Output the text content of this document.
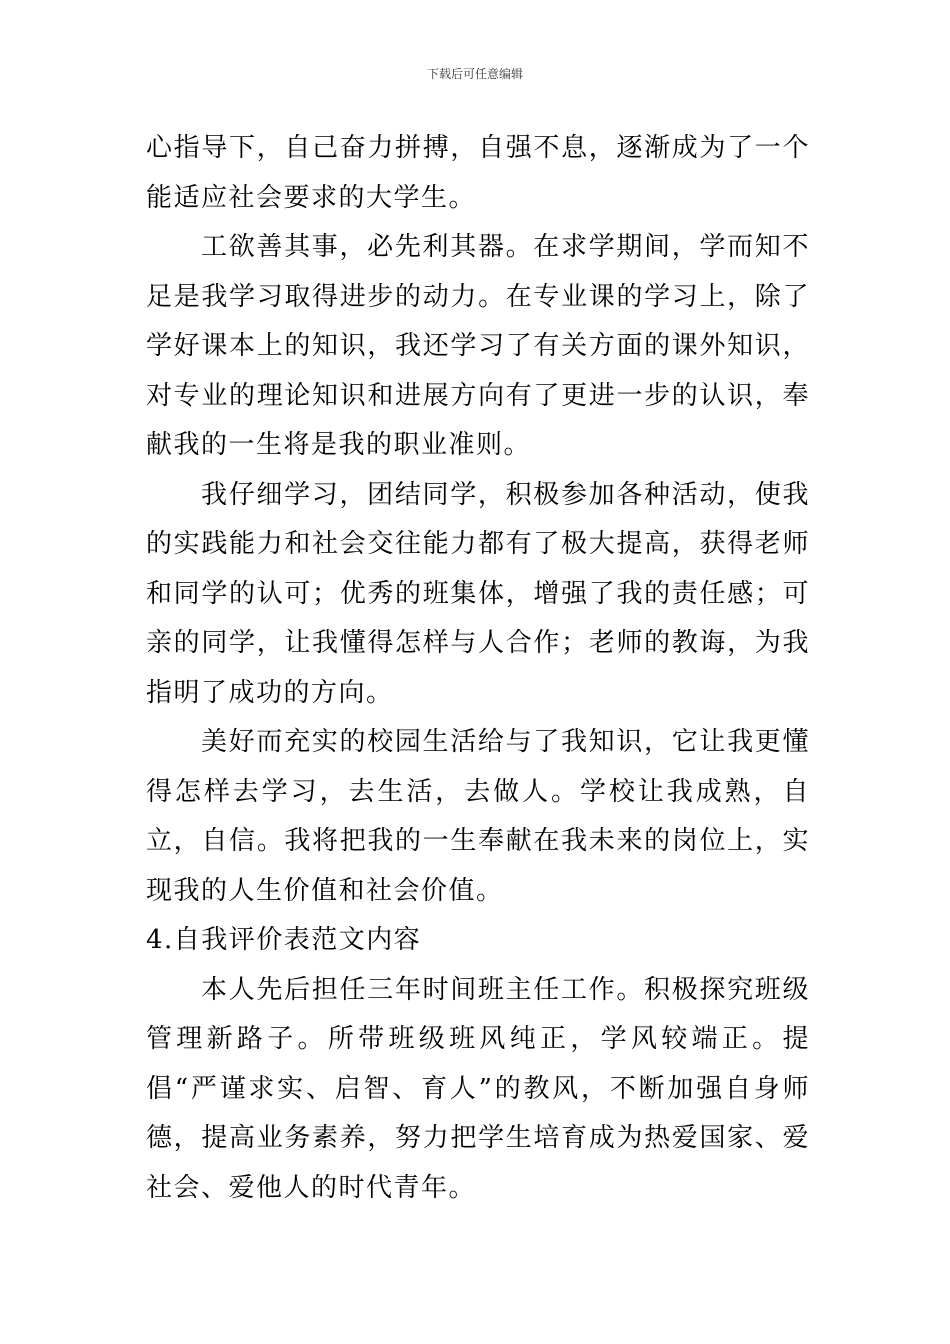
下载后可任意编辑

心指导下，自己奋力拼搏，自强不息，逐渐成为了一个能适应社会要求的大学生。

工欲善其事，必先利其器。在求学期间，学而知不足是我学习取得进步的动力。在专业课的学习上，除了学好课本上的知识，我还学习了有关方面的课外知识，对专业的理论知识和进展方向有了更进一步的认识，奉献我的一生将是我的职业准则。

我仔细学习，团结同学，积极参加各种活动，使我的实践能力和社会交往能力都有了极大提高，获得老师和同学的认可；优秀的班集体，增强了我的责任感；可亲的同学，让我懂得怎样与人合作；老师的教诲，为我指明了成功的方向。

美好而充实的校园生活给与了我知识，它让我更懂得怎样去学习，去生活，去做人。学校让我成熟，自立，自信。我将把我的一生奉献在我未来的岗位上，实现我的人生价值和社会价值。

4.自我评价表范文内容

本人先后担任三年时间班主任工作。积极探究班级管理新路子。所带班级班风纯正，学风较端正。提倡“严谨求实、启智、育人”的教风，不断加强自身师德，提高业务素养，努力把学生培育成为热爱国家、爱社会、爱他人的时代青年。
